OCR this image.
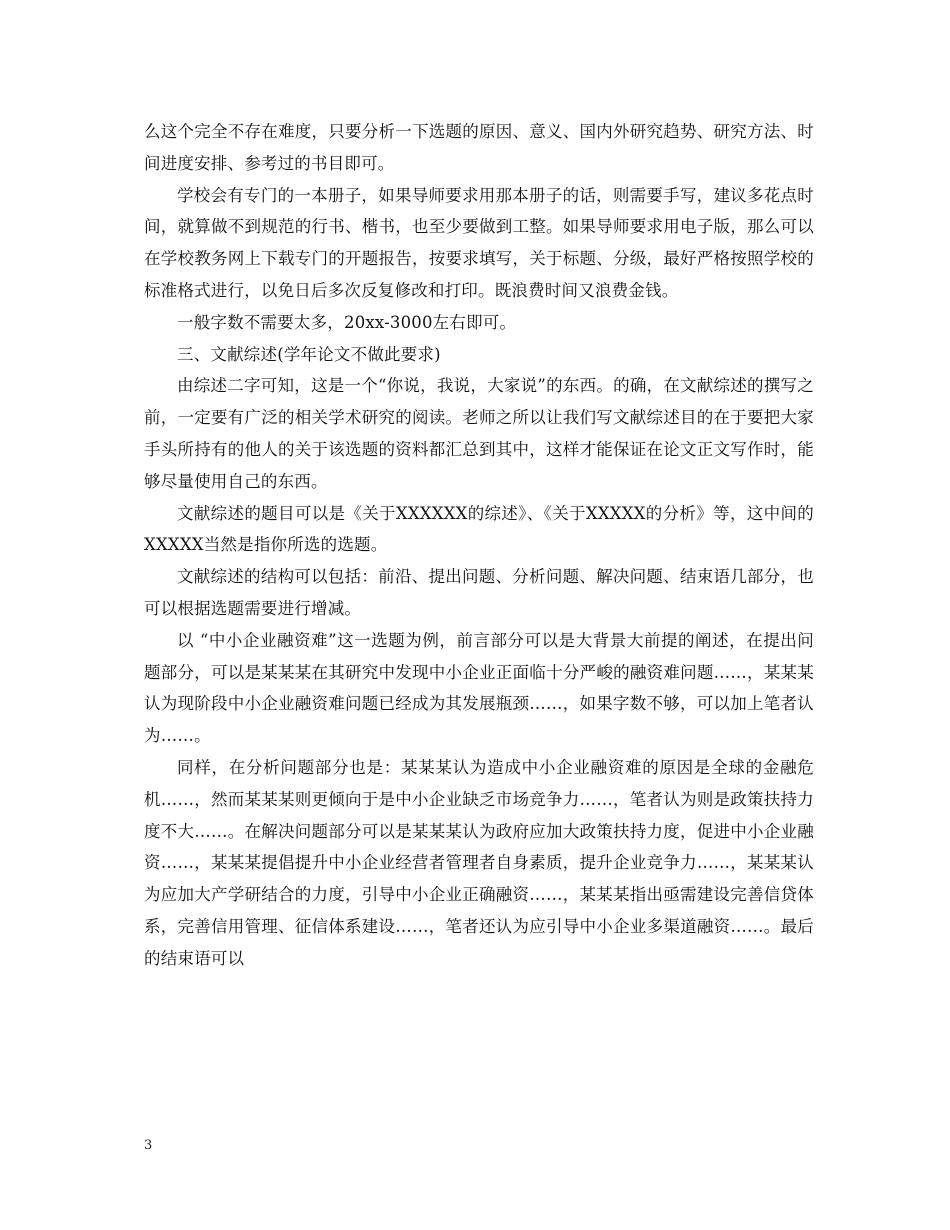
么这个完全不存在难度，只要分析一下选题的原因、意义、国内外研究趋势、研究方法、时间进度安排、参考过的书目即可。

学校会有专门的一本册子，如果导师要求用那本册子的话，则需要手写，建议多花点时间，就算做不到规范的行书、楷书，也至少要做到工整。如果导师要求用电子版，那么可以在学校教务网上下载专门的开题报告，按要求填写，关于标题、分级，最好严格按照学校的标准格式进行，以免日后多次反复修改和打印。既浪费时间又浪费金钱。

一般字数不需要太多，20xx-3000左右即可。

三、文献综述(学年论文不做此要求)

由综述二字可知，这是一个“你说，我说，大家说”的东西。的确，在文献综述的撰写之前，一定要有广泛的相关学术研究的阅读。老师之所以让我们写文献综述目的在于要把大家手头所持有的他人的关于该选题的资料都汇总到其中，这样才能保证在论文正文写作时，能够尽量使用自己的东西。

文献综述的题目可以是《关于XXXXXX的综述》、《关于XXXXX的分析》等，这中间的XXXXX当然是指你所选的选题。

文献综述的结构可以包括：前沿、提出问题、分析问题、解决问题、结束语几部分，也可以根据选题需要进行增减。

以 “中小企业融资难”这一选题为例，前言部分可以是大背景大前提的阐述，在提出问题部分，可以是某某某在其研究中发现中小企业正面临十分严峻的融资难问题……，某某某认为现阶段中小企业融资难问题已经成为其发展瓶颈……，如果字数不够，可以加上笔者认为……。

同样，在分析问题部分也是：某某某认为造成中小企业融资难的原因是全球的金融危机……，然而某某某则更倾向于是中小企业缺乏市场竞争力……，笔者认为则是政策扶持力度不大……。在解决问题部分可以是某某某认为政府应加大政策扶持力度，促进中小企业融资……，某某某提倡提升中小企业经营者管理者自身素质，提升企业竞争力……，某某某认为应加大产学研结合的力度，引导中小企业正确融资……，某某某指出亟需建设完善信贷体系，完善信用管理、征信体系建设……，笔者还认为应引导中小企业多渠道融资……。最后的结束语可以

3
